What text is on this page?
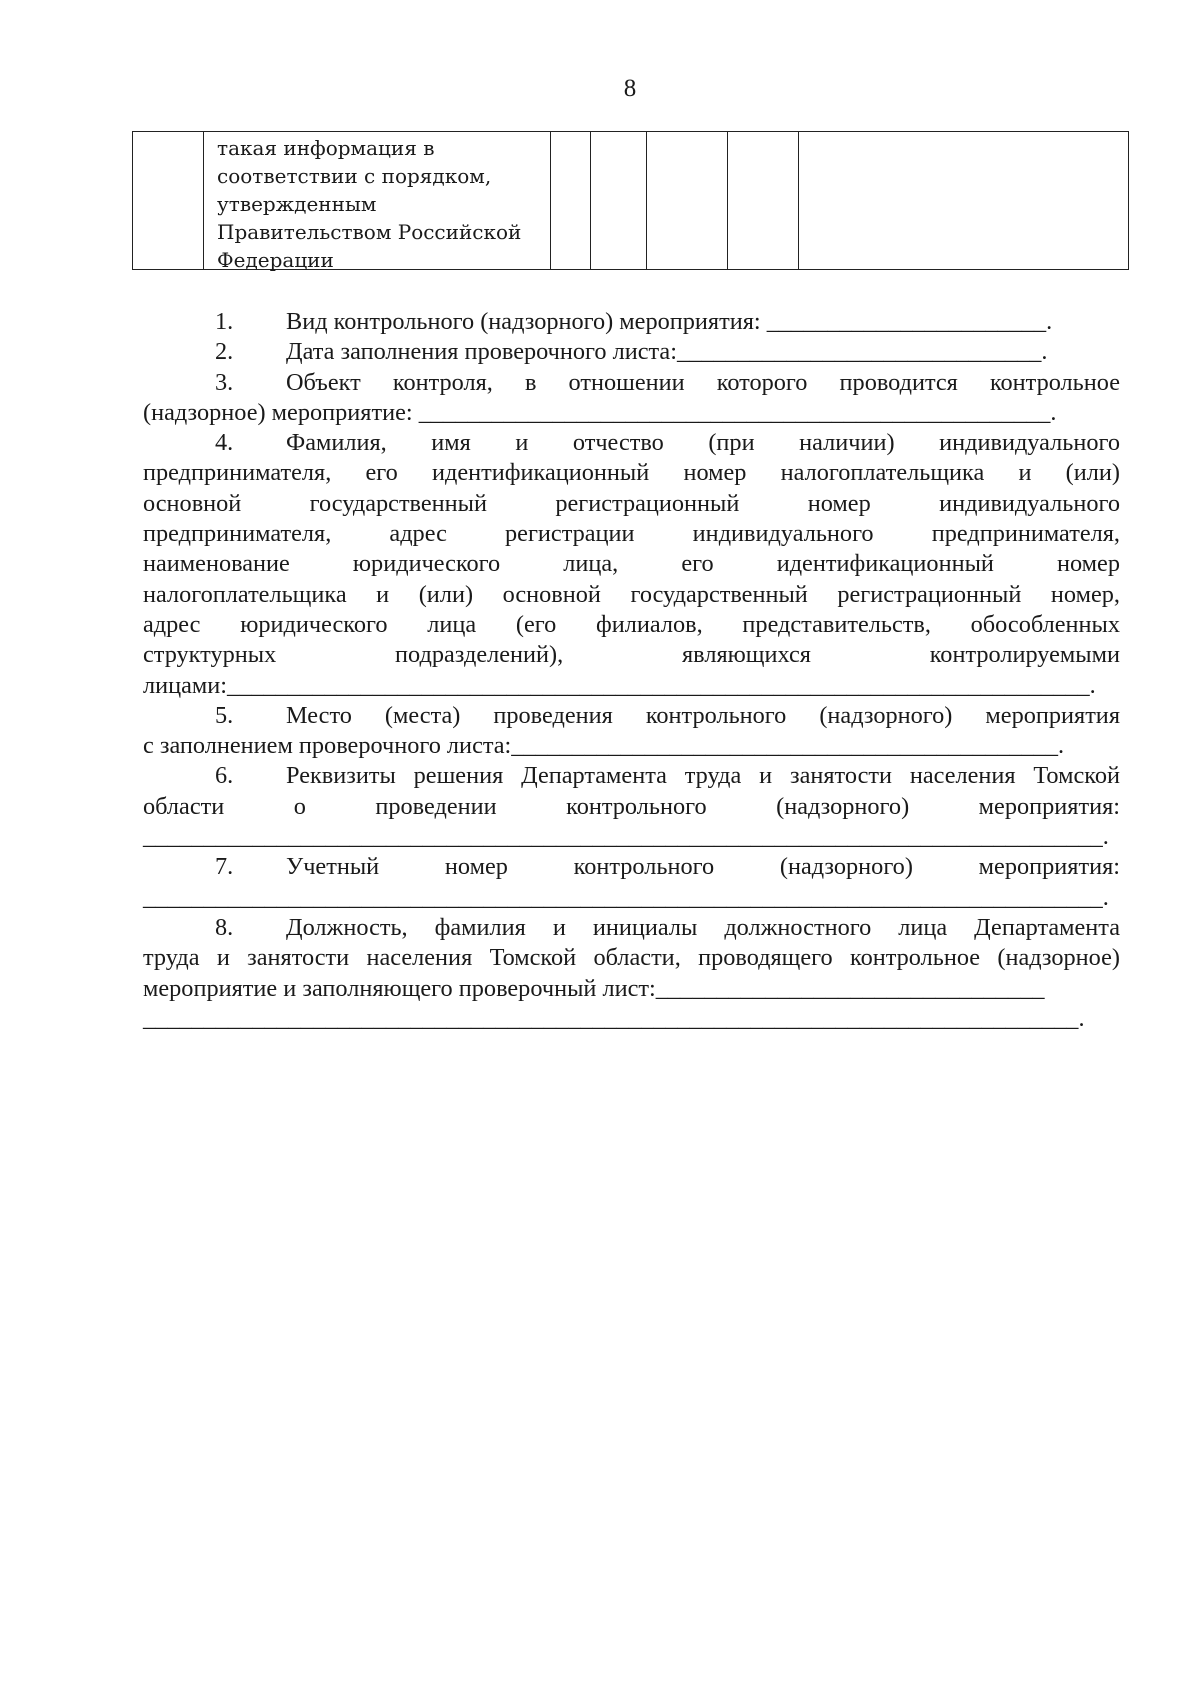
8

такая информация в
соответствии с порядком,
утвержденным
Правительством Российской
Федерации

1. Вид контрольного (надзорного) мероприятия: _______________________.
2. Дата заполнения проверочного листа:______________________________.
3. Объект контроля, в отношении которого проводится контрольное
(надзорное) мероприятие: ____________________________________________________.
4. Фамилия, имя и отчество (при наличии) индивидуального
предпринимателя, его идентификационный номер налогоплательщика и (или)
основной государственный регистрационный номер индивидуального
предпринимателя, адрес регистрации индивидуального предпринимателя,
наименование юридического лица, его идентификационный номер
налогоплательщика и (или) основной государственный регистрационный номер,
адрес юридического лица (его филиалов, представительств, обособленных
структурных подразделений), являющихся контролируемыми
лицами:_______________________________________________________________________.
5. Место (места) проведения контрольного (надзорного) мероприятия
с заполнением проверочного листа:_____________________________________________.
6. Реквизиты решения Департамента труда и занятости населения Томской
области о проведении контрольного (надзорного) мероприятия:
_______________________________________________________________________________.
7. Учетный номер контрольного (надзорного) мероприятия:
_______________________________________________________________________________.
8. Должность, фамилия и инициалы должностного лица Департамента
труда и занятости населения Томской области, проводящего контрольное (надзорное)
мероприятие и заполняющего проверочный лист:________________________________
_____________________________________________________________________________.
